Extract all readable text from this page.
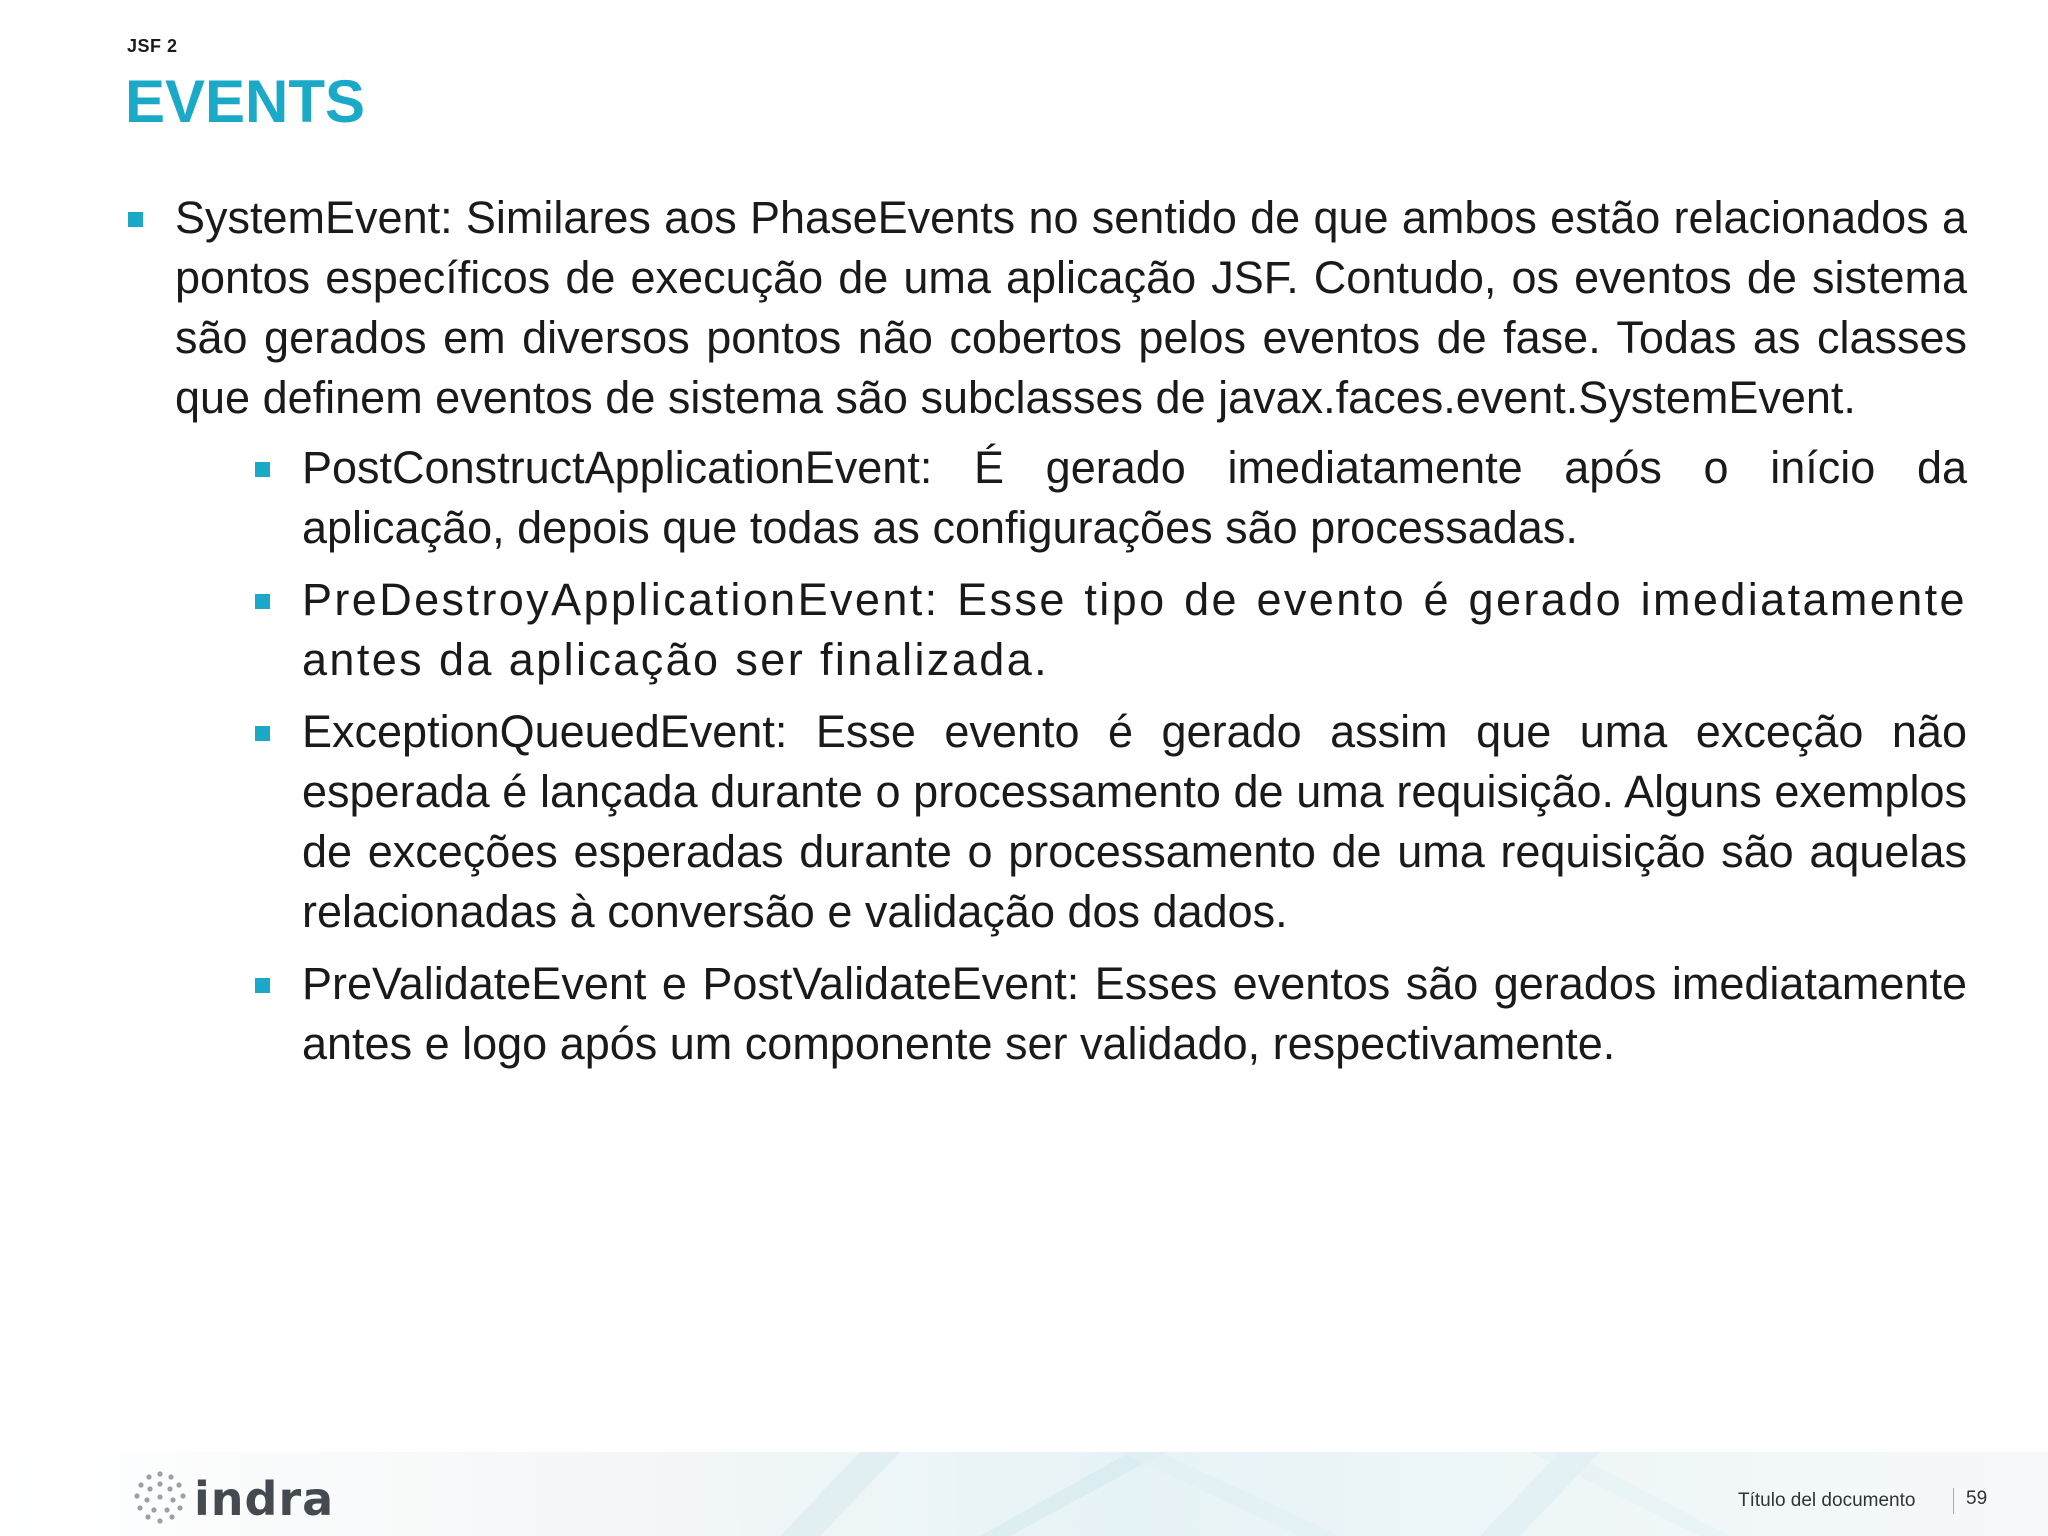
JSF 2
EVENTS
SystemEvent: Similares aos PhaseEvents no sentido de que ambos estão relacionados a pontos específicos de execução de uma aplicação JSF. Contudo, os eventos de sistema são gerados em diversos pontos não cobertos pelos eventos de fase. Todas as classes que definem eventos de sistema são subclasses de javax.faces.event.SystemEvent.
PostConstructApplicationEvent: É gerado imediatamente após o início da aplicação, depois que todas as configurações são processadas.
PreDestroyApplicationEvent: Esse tipo de evento é gerado imediatamente antes da aplicação ser finalizada.
ExceptionQueuedEvent: Esse evento é gerado assim que uma exceção não esperada é lançada durante o processamento de uma requisição. Alguns exemplos de exceções esperadas durante o processamento de uma requisição são aquelas relacionadas à conversão e validação dos dados.
PreValidateEvent e PostValidateEvent: Esses eventos são gerados imediatamente antes e logo após um componente ser validado, respectivamente.
indra	Título del documento	59
